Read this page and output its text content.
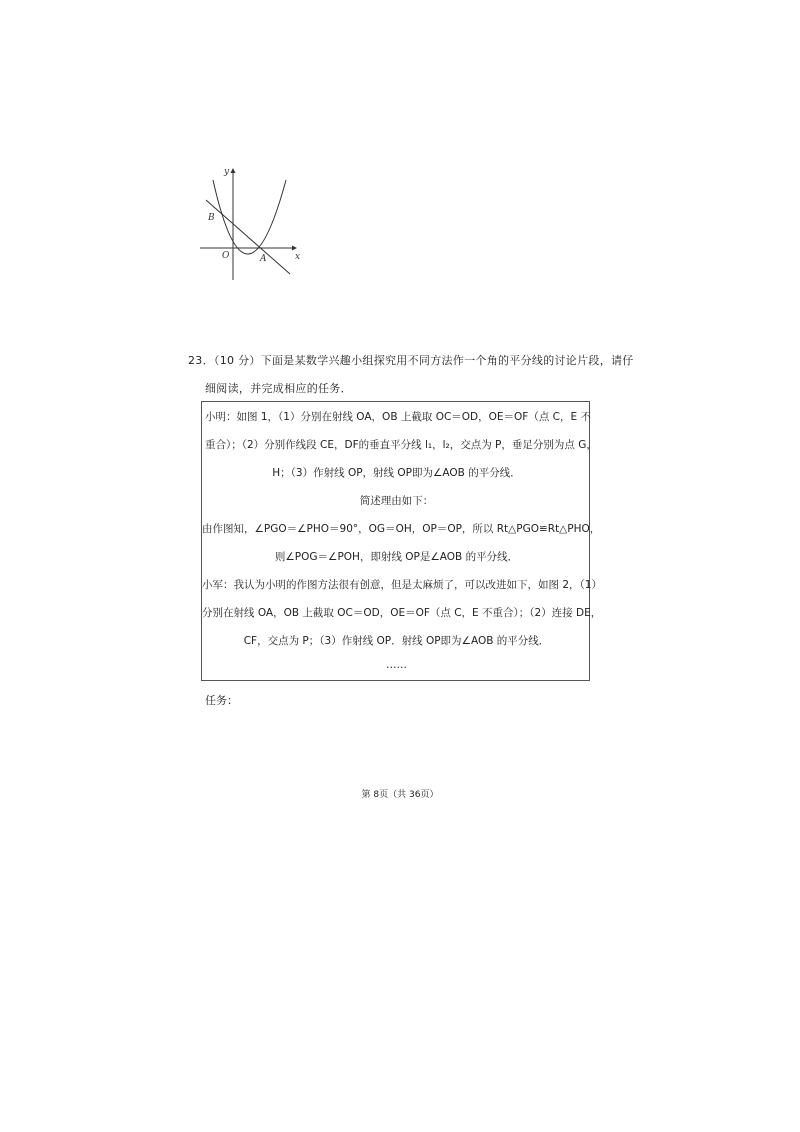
y
x
O	A
B
23．（10 分）下面是某数学兴趣小组探究用不同方法作一个角的平分线的讨论片段，请仔
细阅读，并完成相应的任务．
小明：如图 1，（1）分别在射线 OA，OB 上截取 OC＝OD，OE＝OF（点 C，E 不
重合）；（2）分别作线段 CE，DF的垂直平分线 l₁，l₂，交点为 P，垂足分别为点 G，
H；（3）作射线 OP，射线 OP即为∠AOB 的平分线．
简述理由如下：
由作图知，∠PGO＝∠PHO＝90°，OG＝OH，OP＝OP，所以 Rt△PGO≌Rt△PHO，
则∠POG＝∠POH，即射线 OP是∠AOB 的平分线．
小军：我认为小明的作图方法很有创意，但是太麻烦了，可以改进如下，如图 2，（1）
分别在射线 OA，OB 上截取 OC＝OD，OE＝OF（点 C，E 不重合）；（2）连接 DE，
CF，交点为 P；（3）作射线 OP．射线 OP即为∠AOB 的平分线．
……
任务：
第 8页（共 36页）
